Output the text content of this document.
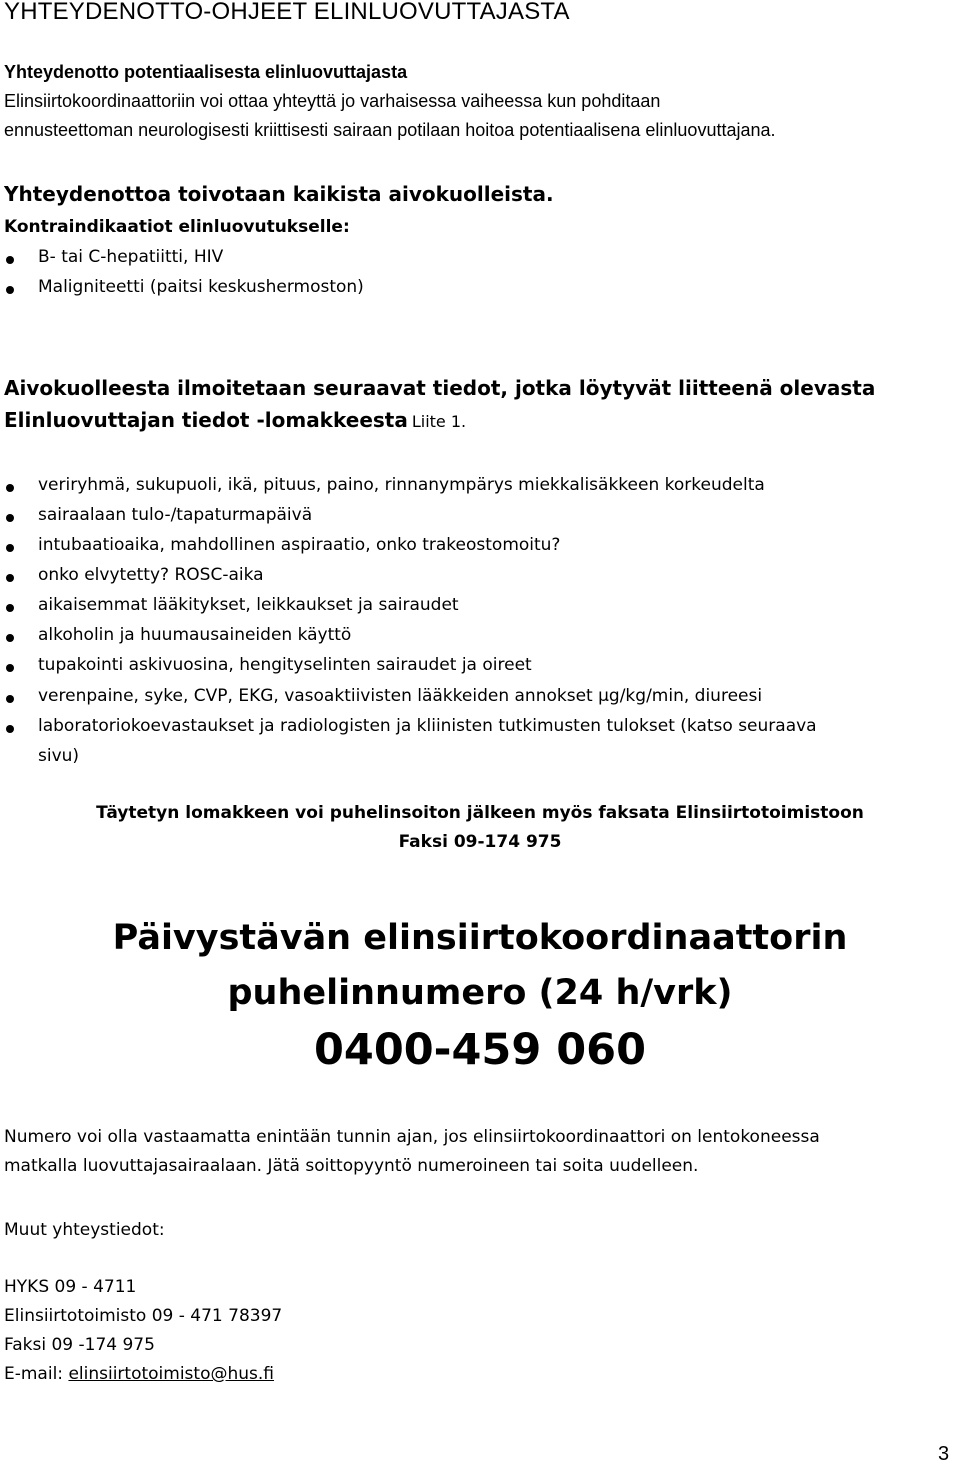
YHTEYDENOTTO-OHJEET ELINLUOVUTTAJASTA
Yhteydenotto potentiaalisesta elinluovuttajasta
Elinsiirtokoordinaattoriin voi ottaa yhteyttä jo varhaisessa vaiheessa kun pohditaan
ennusteettoman neurologisesti kriittisesti sairaan potilaan hoitoa potentiaalisena elinluovuttajana.
Yhteydenottoa toivotaan kaikista aivokuolleista.
Kontraindikaatiot elinluovutukselle:
B- tai C-hepatiitti, HIV
Maligniteetti (paitsi keskushermoston)
Aivokuolleesta ilmoitetaan seuraavat tiedot, jotka löytyvät liitteenä olevasta
Elinluovuttajan tiedot -lomakkeesta Liite 1.
veriryhmä, sukupuoli, ikä, pituus, paino, rinnanympärys miekkalisäkkeen korkeudelta
sairaalaan tulo-/tapaturmapäivä
intubaatioaika, mahdollinen aspiraatio, onko trakeostomoitu?
onko elvytetty? ROSC-aika
aikaisemmat lääkitykset, leikkaukset ja sairaudet
alkoholin ja huumausaineiden käyttö
tupakointi askivuosina, hengityselinten sairaudet ja oireet
verenpaine, syke, CVP, EKG, vasoaktiivisten lääkkeiden annokset μg/kg/min, diureesi
laboratoriokoevastaukset ja radiologisten ja kliinisten tutkimusten tulokset (katso seuraava
sivu)
Täytetyn lomakkeen voi puhelinsoiton jälkeen myös faksata Elinsiirtotoimistoon
Faksi 09-174 975
Päivystävän elinsiirtokoordinaattorin
puhelinnumero (24 h/vrk)
0400-459 060
Numero voi olla vastaamatta enintään tunnin ajan, jos elinsiirtokoordinaattori on lentokoneessa
matkalla luovuttajasairaalaan. Jätä soittopyyntö numeroineen tai soita uudelleen.
Muut yhteystiedot:
HYKS 09 - 4711
Elinsiirtotoimisto 09 - 471 78397
Faksi 09 -174 975
E-mail: elinsiirtotoimisto@hus.fi
3
